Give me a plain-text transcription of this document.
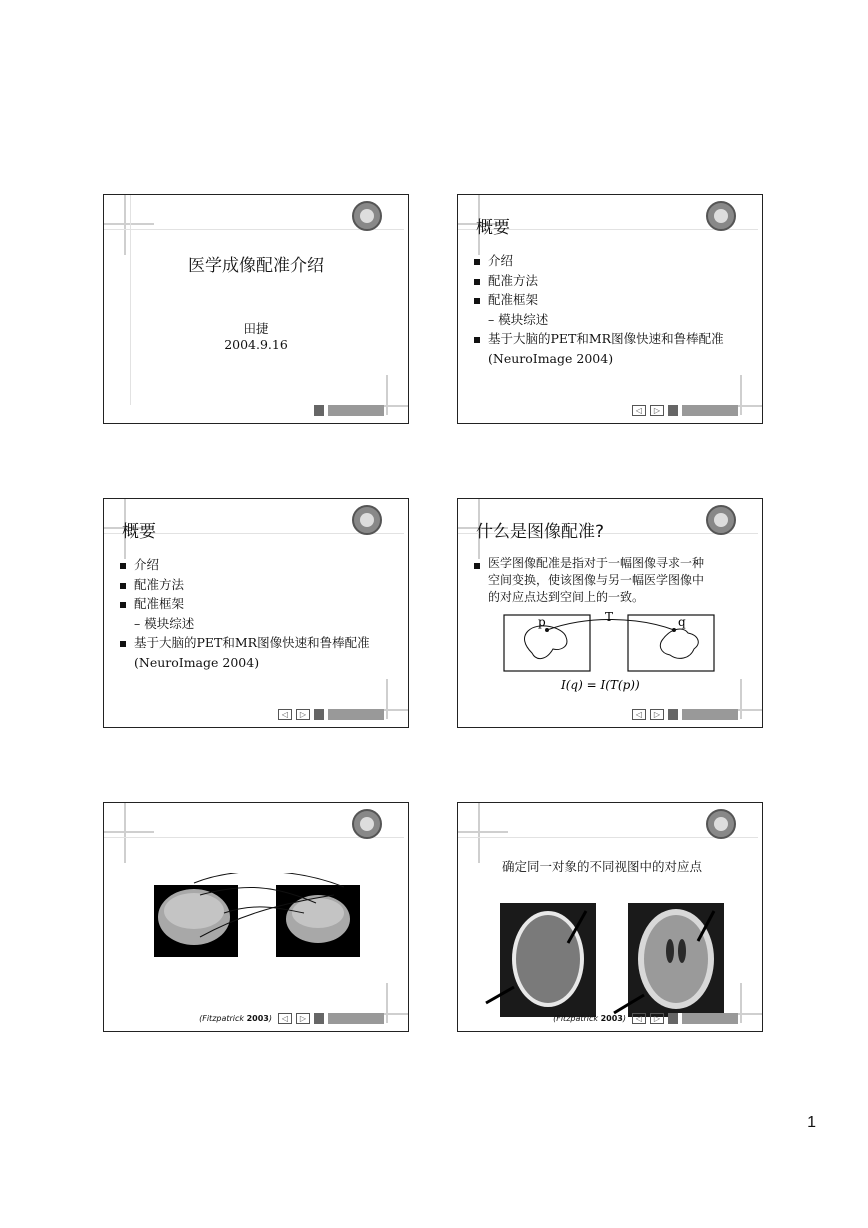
医学成像配准介绍
田捷
2004.9.16
概要
介绍
配准方法
配准框架
– 模块综述
基于大脑的PET和MR图像快速和鲁棒配准
(NeuroImage 2004)
◁	▷
概要
介绍
配准方法
配准框架
– 模块综述
基于大脑的PET和MR图像快速和鲁棒配准
(NeuroImage 2004)
◁	▷
什么是图像配准?
医学图像配准是指对于一幅图像寻求一种
空间变换，使该图像与另一幅医学图像中
的对应点达到空间上的一致。
p	T	q
I(q) = I(T(p))
◁	▷
(Fitzpatrick 2003)	◁	▷
确定同一对象的不同视图中的对应点
(Fitzpatrick 2003)	◁	▷
1
